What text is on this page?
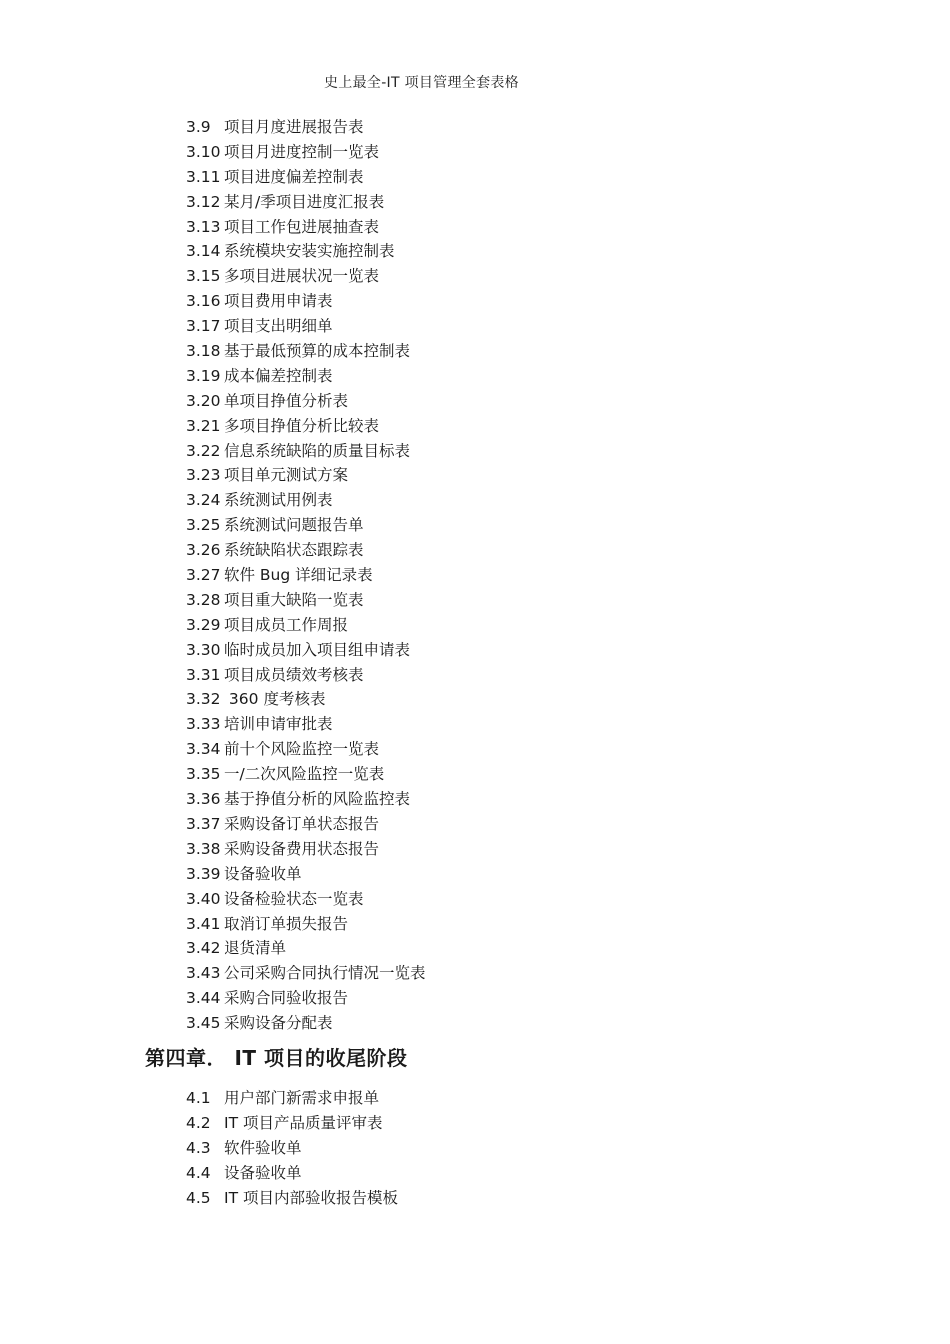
史上最全-IT 项目管理全套表格
3.9 项目月度进展报告表
3.10 项目月进度控制一览表
3.11 项目进度偏差控制表
3.12 某月/季项目进度汇报表
3.13 项目工作包进展抽查表
3.14 系统模块安装实施控制表
3.15 多项目进展状况一览表
3.16 项目费用申请表
3.17 项目支出明细单
3.18 基于最低预算的成本控制表
3.19 成本偏差控制表
3.20 单项目挣值分析表
3.21 多项目挣值分析比较表
3.22 信息系统缺陷的质量目标表
3.23 项目单元测试方案
3.24 系统测试用例表
3.25 系统测试问题报告单
3.26 系统缺陷状态跟踪表
3.27 软件 Bug 详细记录表
3.28 项目重大缺陷一览表
3.29 项目成员工作周报
3.30 临时成员加入项目组申请表
3.31 项目成员绩效考核表
3.32 360 度考核表
3.33 培训申请审批表
3.34 前十个风险监控一览表
3.35 一/二次风险监控一览表
3.36 基于挣值分析的风险监控表
3.37 采购设备订单状态报告
3.38 采购设备费用状态报告
3.39 设备验收单
3.40 设备检验状态一览表
3.41 取消订单损失报告
3.42 退货清单
3.43 公司采购合同执行情况一览表
3.44 采购合同验收报告
3.45 采购设备分配表
第四章． IT 项目的收尾阶段
4.1 用户部门新需求申报单
4.2 IT 项目产品质量评审表
4.3 软件验收单
4.4 设备验收单
4.5 IT 项目内部验收报告模板
